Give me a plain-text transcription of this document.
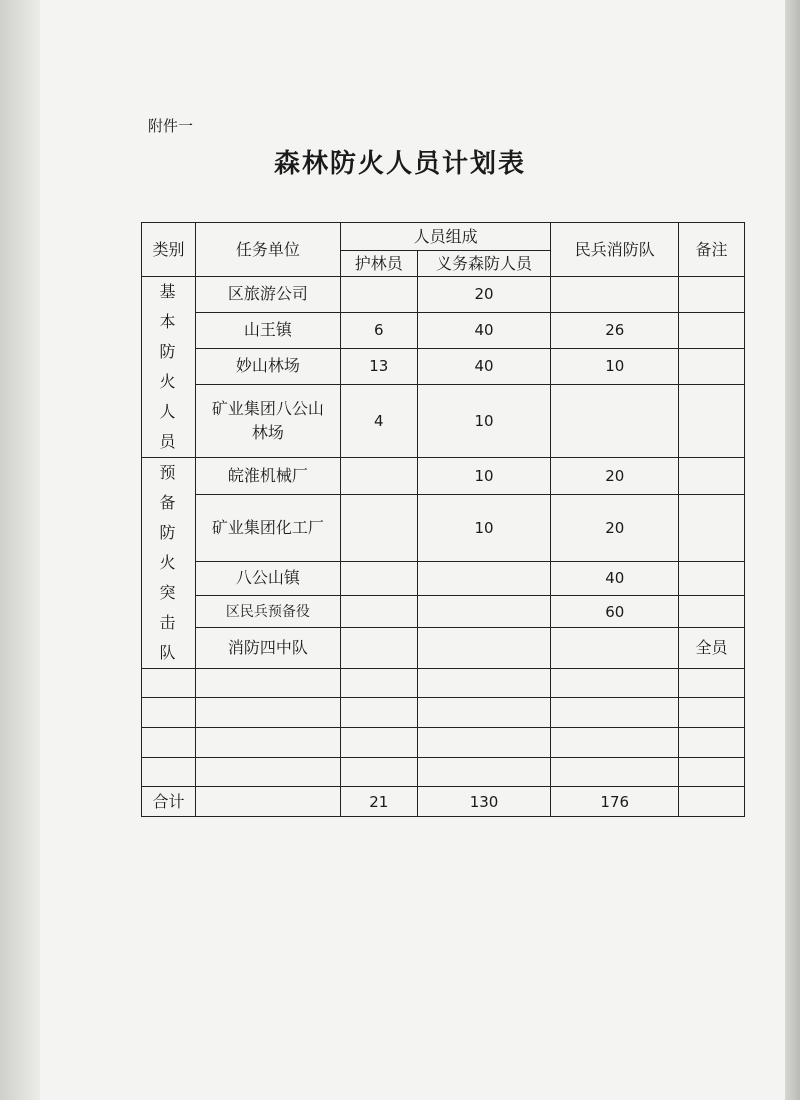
附件一
森林防火人员计划表
类别	任务单位	人员组成		民兵消防队	备注
		护林员	义务森防人员		

基本防火人员	区旅游公司		20		
	山王镇	6	40	26	
	妙山林场	13	40	10	

	矿业集团八公山林场	4	10		

预备防火突击队	皖淮机械厂		10	20	

	矿业集团化工厂		10	20	
	八公山镇			40	
	区民兵预备役			60	
	消防四中队				全员

合计		21	130	176	
